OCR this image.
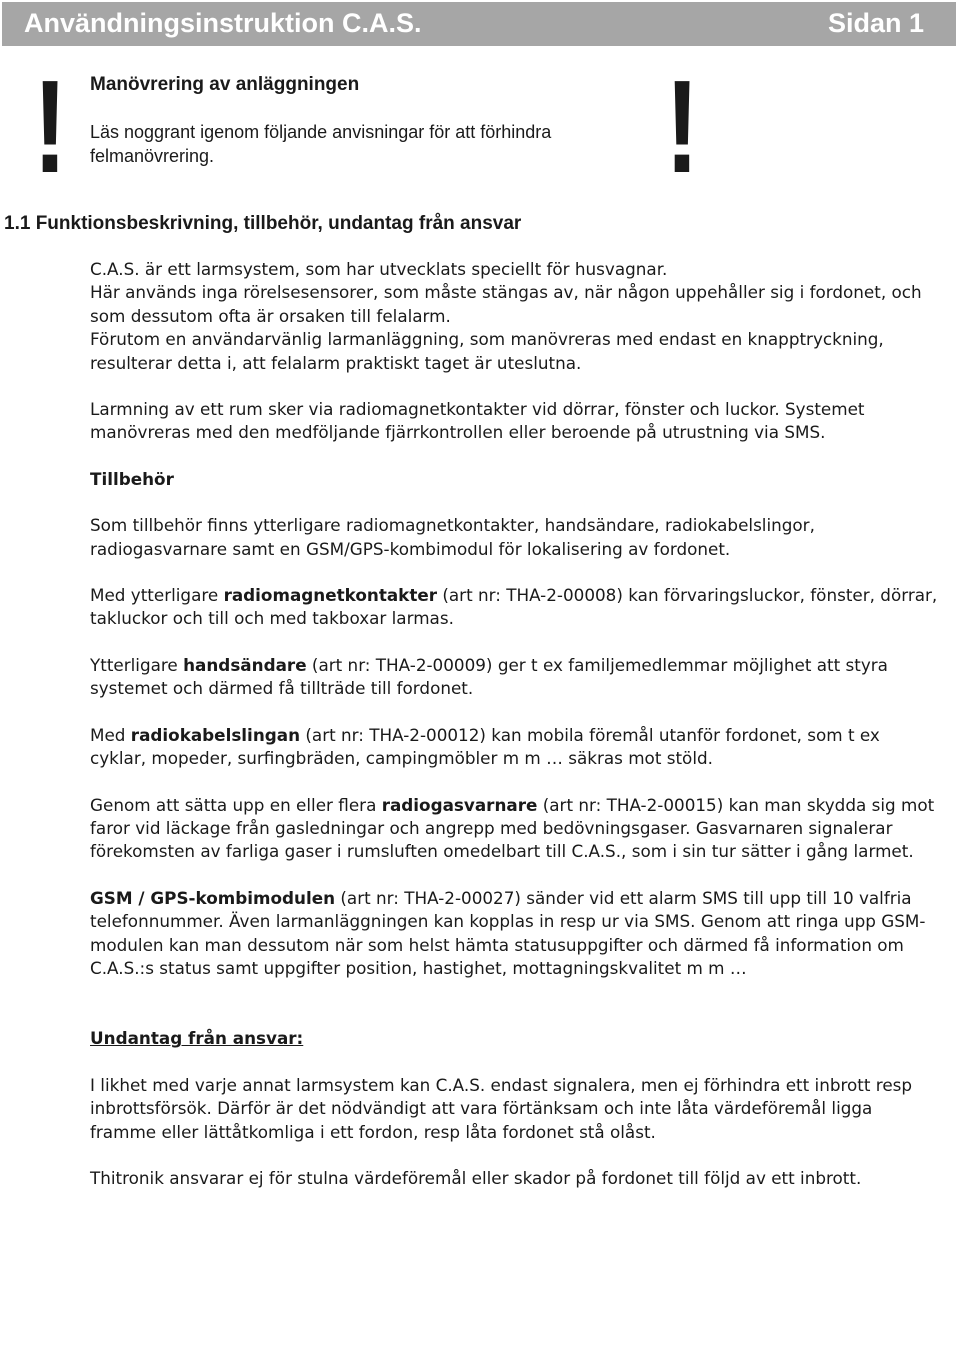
Användningsinstruktion C.A.S.	Sidan 1
!	!
Manövrering av anläggningen
Läs noggrant igenom följande anvisningar för att förhindra felmanövrering.
1.1 Funktionsbeskrivning, tillbehör, undantag från ansvar

C.A.S. är ett larmsystem, som har utvecklats speciellt för husvagnar.
Här används inga rörelsesensorer, som måste stängas av, när någon uppehåller sig i fordonet, och som dessutom ofta är orsaken till felalarm.
Förutom en användarvänlig larmanläggning, som manövreras med endast en knapptryckning, resulterar detta i, att felalarm praktiskt taget är uteslutna.

Larmning av ett rum sker via radiomagnetkontakter vid dörrar, fönster och luckor. Systemet manövreras med den medföljande fjärrkontrollen eller beroende på utrustning via SMS.

Tillbehör

Som tillbehör finns ytterligare radiomagnetkontakter, handsändare, radiokabelslingor, radiogasvarnare samt en GSM/GPS-kombimodul för lokalisering av fordonet.

Med ytterligare radiomagnetkontakter (art nr: THA-2-00008) kan förvaringsluckor, fönster, dörrar, takluckor och till och med takboxar larmas.

Ytterligare handsändare (art nr: THA-2-00009) ger t ex familjemedlemmar möjlighet att styra systemet och därmed få tillträde till fordonet.

Med radiokabelslingan (art nr: THA-2-00012) kan mobila föremål utanför fordonet, som t ex cyklar, mopeder, surfingbräden, campingmöbler m m … säkras mot stöld.

Genom att sätta upp en eller flera radiogasvarnare (art nr: THA-2-00015) kan man skydda sig mot faror vid läckage från gasledningar och angrepp med bedövningsgaser. Gasvarnaren signalerar förekomsten av farliga gaser i rumsluften omedelbart till C.A.S., som i sin tur sätter i gång larmet.

GSM / GPS-kombimodulen (art nr: THA-2-00027) sänder vid ett alarm SMS till upp till 10 valfria telefonnummer. Även larmanläggningen kan kopplas in resp ur via SMS. Genom att ringa upp GSM-modulen kan man dessutom när som helst hämta statusuppgifter och därmed få information om C.A.S.:s status samt uppgifter position, hastighet, mottagningskvalitet m m …

Undantag från ansvar:

I likhet med varje annat larmsystem kan C.A.S. endast signalera, men ej förhindra ett inbrott resp inbrottsförsök. Därför är det nödvändigt att vara förtänksam och inte låta värdeföremål ligga framme eller lättåtkomliga i ett fordon, resp låta fordonet stå olåst.

Thitronik ansvarar ej för stulna värdeföremål eller skador på fordonet till följd av ett inbrott.
